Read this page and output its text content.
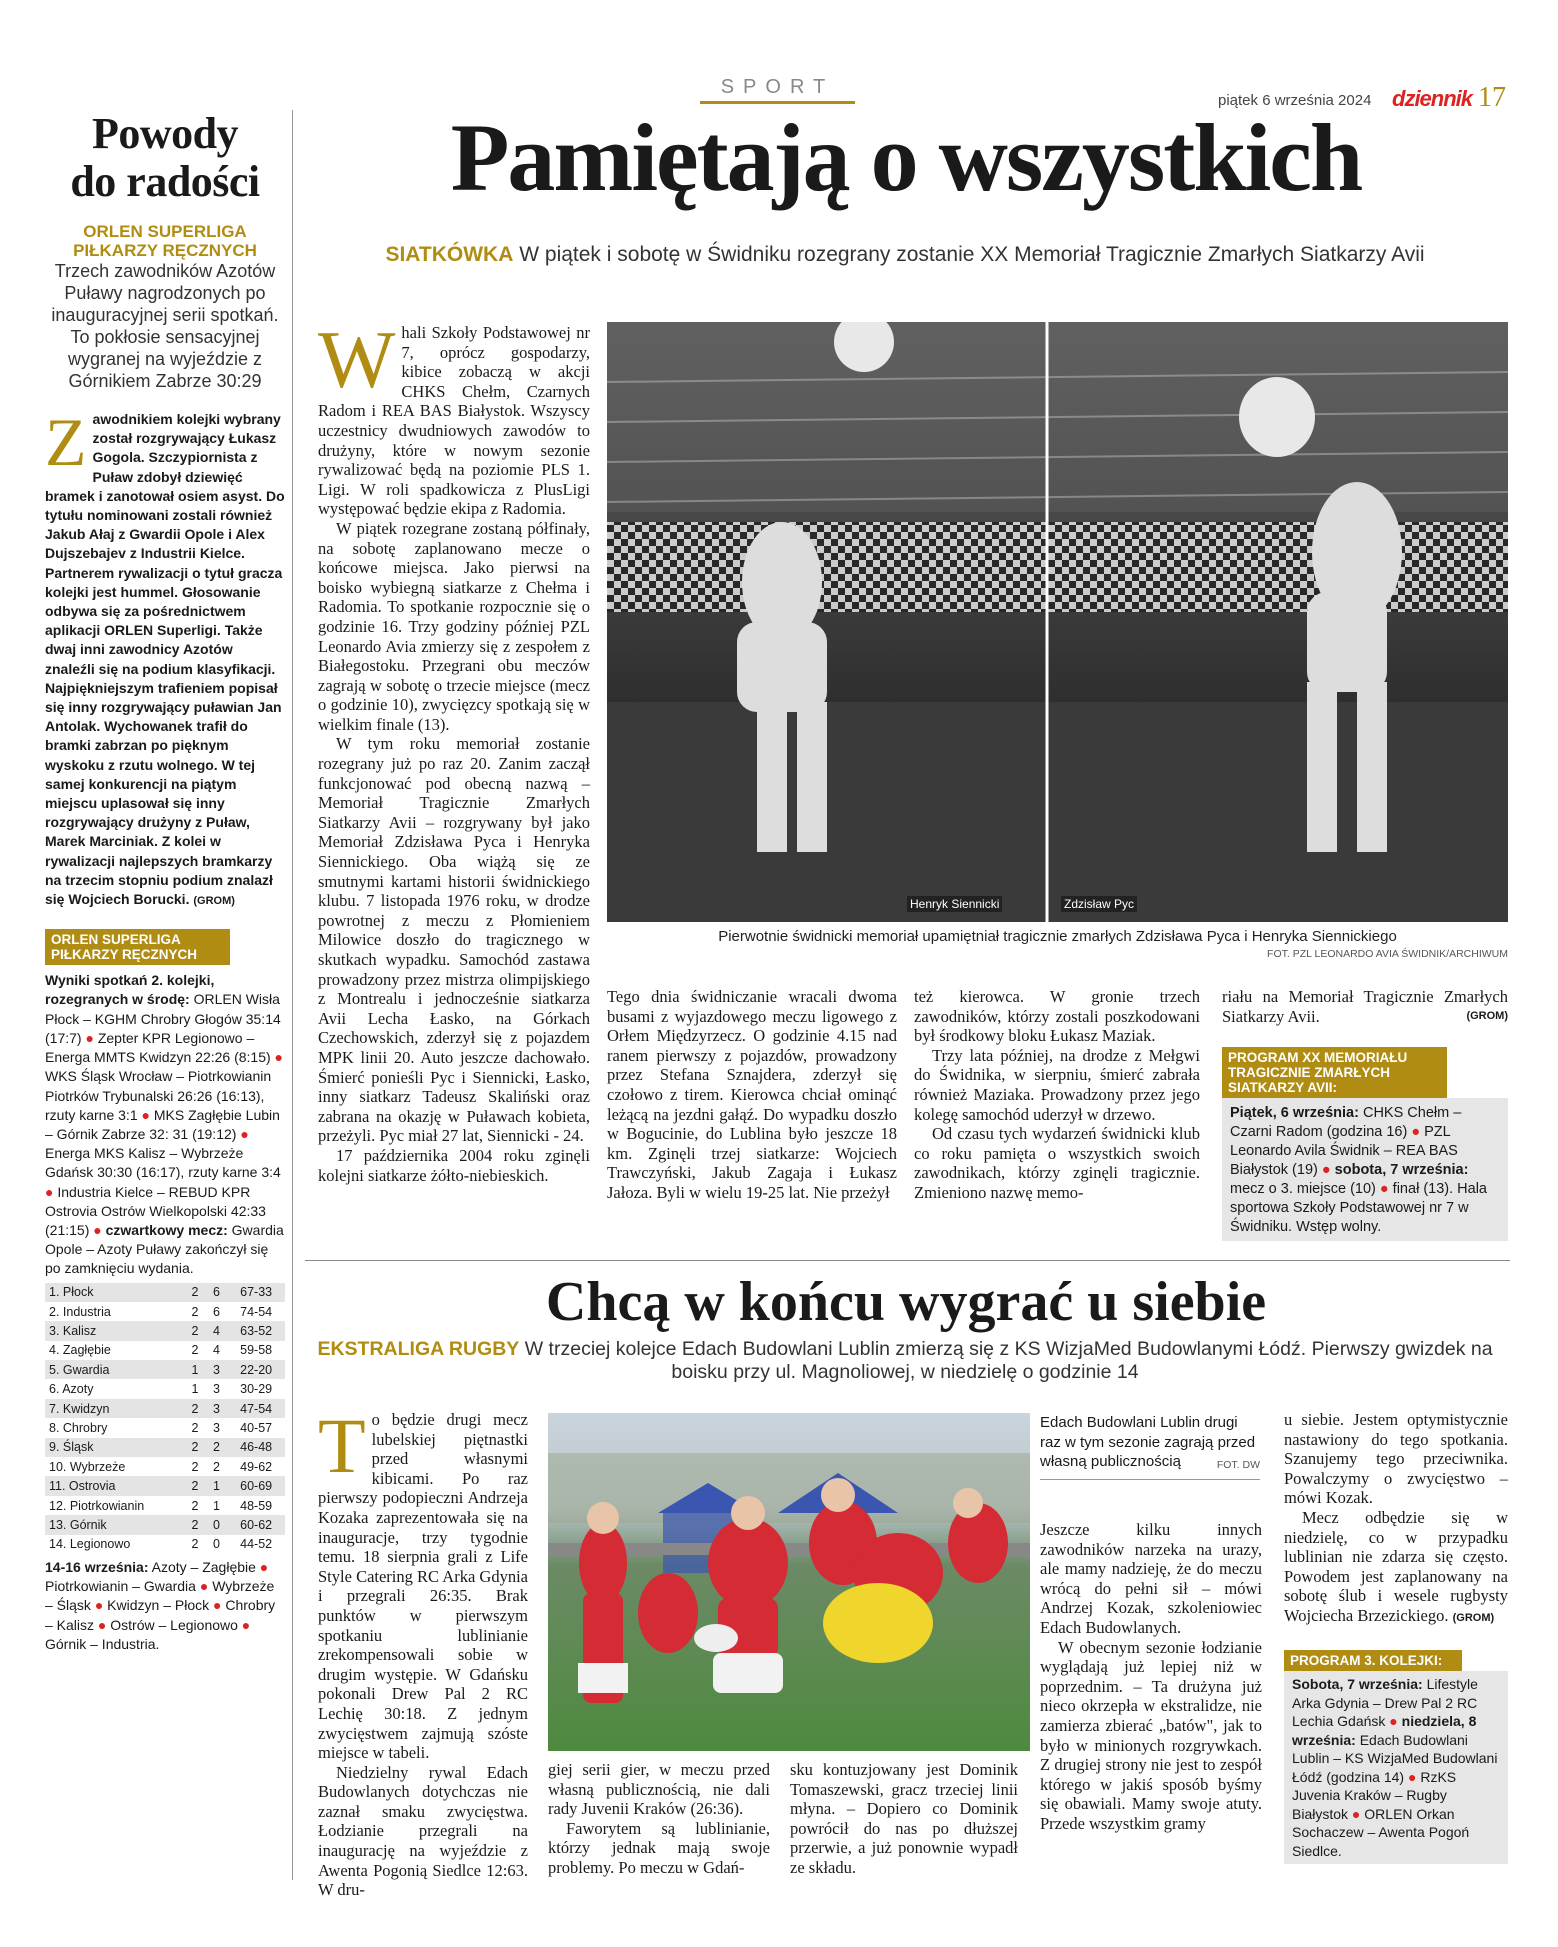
SPORT
piątek 6 września 2024 dziennik 17
Powody
do radości
ORLEN SUPERLIGA PIŁKARZY RĘCZNYCH
Trzech zawodników Azotów Puławy nagrodzonych po inauguracyjnej serii spotkań. To pokłosie sensacyjnej wygranej na wyjeździe z Górnikiem Zabrze 30:29
Z awodnikiem kolejki wybrany został rozgrywający Łukasz Gogola. Szczypiornista z Puław zdobył dziewięć bramek i zanotował osiem asyst. Do tytułu nominowani zostali również Jakub Ałaj z Gwardii Opole i Alex Dujszebajev z Industrii Kielce. Partnerem rywalizacji o tytuł gracza kolejki jest hummel. Głosowanie odbywa się za pośrednictwem aplikacji ORLEN Superligi. Także dwaj inni zawodnicy Azotów znaleźli się na podium klasyfikacji. Najpiękniejszym trafieniem popisał się inny rozgrywający puławian Jan Antolak. Wychowanek trafił do bramki zabrzan po pięknym wyskoku z rzutu wolnego. W tej samej konkurencji na piątym miejscu uplasował się inny rozgrywający drużyny z Puław, Marek Marciniak. Z kolei w rywalizacji najlepszych bramkarzy na trzecim stopniu podium znalazł się Wojciech Borucki. (GROM)
ORLEN SUPERLIGA PIŁKARZY RĘCZNYCH
Wyniki spotkań 2. kolejki, rozegranych w środę: ORLEN Wisła Płock – KGHM Chrobry Głogów 35:14 (17:7) ● Zepter KPR Legionowo – Energa MMTS Kwidzyn 22:26 (8:15) ● WKS Śląsk Wrocław – Piotrkowianin Piotrków Trybunalski 26:26 (16:13), rzuty karne 3:1 ● MKS Zagłębie Lubin – Górnik Zabrze 32: 31 (19:12) ● Energa MKS Kalisz – Wybrzeże Gdańsk 30:30 (16:17), rzuty karne 3:4 ● Industria Kielce – REBUD KPR Ostrovia Ostrów Wielkopolski 42:33 (21:15) ● czwartkowy mecz: Gwardia Opole – Azoty Puławy zakończył się po zamknięciu wydania.
1. Płock	2	6	67-33
2. Industria	2	6	74-54
3. Kalisz	2	4	63-52
4. Zagłębie	2	4	59-58
5. Gwardia	1	3	22-20
6. Azoty	1	3	30-29
7. Kwidzyn	2	3	47-54
8. Chrobry	2	3	40-57
9. Śląsk	2	2	46-48
10. Wybrzeże	2	2	49-62
11. Ostrovia	2	1	60-69
12. Piotrkowianin	2	1	48-59
13. Górnik	2	0	60-62
14. Legionowo	2	0	44-52
14-16 września: Azoty – Zagłębie ● Piotrkowianin – Gwardia ● Wybrzeże – Śląsk ● Kwidzyn – Płock ● Chrobry – Kalisz ● Ostrów – Legionowo ● Górnik – Industria.
Pamiętają o wszystkich
SIATKÓWKA W piątek i sobotę w Świdniku rozegrany zostanie XX Memoriał Tragicznie Zmarłych Siatkarzy Avii
Henryk Siennicki	Zdzisław Pyc
Pierwotnie świdnicki memoriał upamiętniał tragicznie zmarłych Zdzisława Pyca i Henryka Siennickiego
FOT. PZL LEONARDO AVIA ŚWIDNIK/ARCHIWUM
W hali Szkoły Podstawowej nr 7, oprócz gospodarzy, kibice zobaczą w akcji CHKS Chełm, Czarnych Radom i REA BAS Białystok. Wszyscy uczestnicy dwudniowych zawodów to drużyny, które w nowym sezonie rywalizować będą na poziomie PLS 1. Ligi. W roli spadkowicza z PlusLigi występować będzie ekipa z Radomia.

W piątek rozegrane zostaną półfinały, na sobotę zaplanowano mecze o końcowe miejsca. Jako pierwsi na boisko wybiegną siatkarze z Chełma i Radomia. To spotkanie rozpocznie się o godzinie 16. Trzy godziny później PZL Leonardo Avia zmierzy się z zespołem z Białegostoku. Przegrani obu meczów zagrają w sobotę o trzecie miejsce (mecz o godzinie 10), zwycięzcy spotkają się w wielkim finale (13).

W tym roku memoriał zostanie rozegrany już po raz 20. Zanim zaczął funkcjonować pod obecną nazwą – Memoriał Tragicznie Zmarłych Siatkarzy Avii – rozgrywany był jako Memoriał Zdzisława Pyca i Henryka Siennickiego. Oba wiążą się ze smutnymi kartami historii świdnickiego klubu. 7 listopada 1976 roku, w drodze powrotnej z meczu z Płomieniem Milowice doszło do tragicznego w skutkach wypadku. Samochód zastawa prowadzony przez mistrza olimpijskiego z Montrealu i jednocześnie siatkarza Avii Lecha Łasko, na Górkach Czechowskich, zderzył się z pojazdem MPK linii 20. Auto jeszcze dachowało. Śmierć ponieśli Pyc i Siennicki, Łasko, inny siatkarz Tadeusz Skaliński oraz zabrana na okazję w Puławach kobieta, przeżyli. Pyc miał 27 lat, Siennicki - 24.

17 października 2004 roku zginęli kolejni siatkarze żółto-niebieskich.

Tego dnia świdniczanie wracali dwoma busami z wyjazdowego meczu ligowego z Orłem Międzyrzecz. O godzinie 4.15 nad ranem pierwszy z pojazdów, prowadzony przez Stefana Sznajdera, zderzył się czołowo z tirem. Kierowca chciał ominąć leżącą na jezdni gałąź. Do wypadku doszło w Bogucinie, do Lublina było jeszcze 18 km. Zginęli trzej siatkarze: Wojciech Trawczyński, Jakub Zagaja i Łukasz Jałoza. Byli w wielu 19-25 lat. Nie przeżył

też kierowca. W gronie trzech zawodników, którzy zostali poszkodowani był środkowy bloku Łukasz Maziak.

Trzy lata później, na drodze z Mełgwi do Świdnika, w sierpniu, śmierć zabrała również Maziaka. Prowadzony przez jego kolegę samochód uderzył w drzewo.

Od czasu tych wydarzeń świdnicki klub co roku pamięta o wszystkich swoich zawodnikach, którzy zginęli tragicznie. Zmieniono nazwę memo-

riału na Memoriał Tragicznie Zmarłych Siatkarzy Avii.	(GROM)

PROGRAM XX MEMORIAŁU TRAGICZNIE ZMARŁYCH SIATKARZY AVII:
Piątek, 6 września: CHKS Chełm – Czarni Radom (godzina 16) ● PZL Leonardo Avila Świdnik – REA BAS Białystok (19) ● sobota, 7 września: mecz o 3. miejsce (10) ● finał (13). Hala sportowa Szkoły Podstawowej nr 7 w Świdniku. Wstęp wolny.
Chcą w końcu wygrać u siebie
EKSTRALIGA RUGBY W trzeciej kolejce Edach Budowlani Lublin zmierzą się z KS WizjaMed Budowlanymi Łódź. Pierwszy gwizdek na boisku przy ul. Magnoliowej, w niedzielę o godzinie 14
T o będzie drugi mecz lubelskiej piętnastki przed własnymi kibicami. Po raz pierwszy podopieczni Andrzeja Kozaka zaprezentowała się na inauguracje, trzy tygodnie temu. 18 sierpnia grali z Life Style Catering RC Arka Gdynia i przegrali 26:35. Brak punktów w pierwszym spotkaniu lublinianie zrekompensowali sobie w drugim występie. W Gdańsku pokonali Drew Pal 2 RC Lechię 30:18. Z jednym zwycięstwem zajmują szóste miejsce w tabeli.

Niedzielny rywal Edach Budowlanych dotychczas nie zaznał smaku zwycięstwa. Łodzianie przegrali na inaugurację na wyjeździe z Awenta Pogonią Siedlce 12:63. W dru-

giej serii gier, w meczu przed własną publicznością, nie dali rady Juvenii Kraków (26:36).

Faworytem są lublinianie, którzy jednak mają swoje problemy. Po meczu w Gdań-

sku kontuzjowany jest Dominik Tomaszewski, gracz trzeciej linii młyna. – Dopiero co Dominik powrócił do nas po dłuższej przerwie, a już ponownie wypadł ze składu.

Edach Budowlani Lublin drugi raz w tym sezonie zagrają przed własną publicznością	FOT. DW

Jeszcze kilku innych zawodników narzeka na urazy, ale mamy nadzieję, że do meczu wrócą do pełni sił – mówi Andrzej Kozak, szkoleniowiec Edach Budowlanych.

W obecnym sezonie łodzianie wyglądają już lepiej niż w poprzednim. – Ta drużyna już nieco okrzepła w ekstralidze, nie zamierza zbierać „batów", jak to było w minionych rozgrywkach. Z drugiej strony nie jest to zespół którego w jakiś sposób byśmy się obawiali. Mamy swoje atuty. Przede wszystkim gramy

u siebie. Jestem optymistycznie nastawiony do tego spotkania. Szanujemy tego przeciwnika. Powalczymy o zwycięstwo – mówi Kozak.

Mecz odbędzie się w niedzielę, co w przypadku lublinian nie zdarza się często. Powodem jest zaplanowany na sobotę ślub i wesele rugbysty Wojciecha Brzezickiego. (GROM)

PROGRAM 3. KOLEJKI:
Sobota, 7 września: Lifestyle Arka Gdynia – Drew Pal 2 RC Lechia Gdańsk ● niedziela, 8 września: Edach Budowlani Lublin – KS WizjaMed Budowlani Łódź (godzina 14) ● RzKS Juvenia Kraków – Rugby Białystok ● ORLEN Orkan Sochaczew – Awenta Pogoń Siedlce.
